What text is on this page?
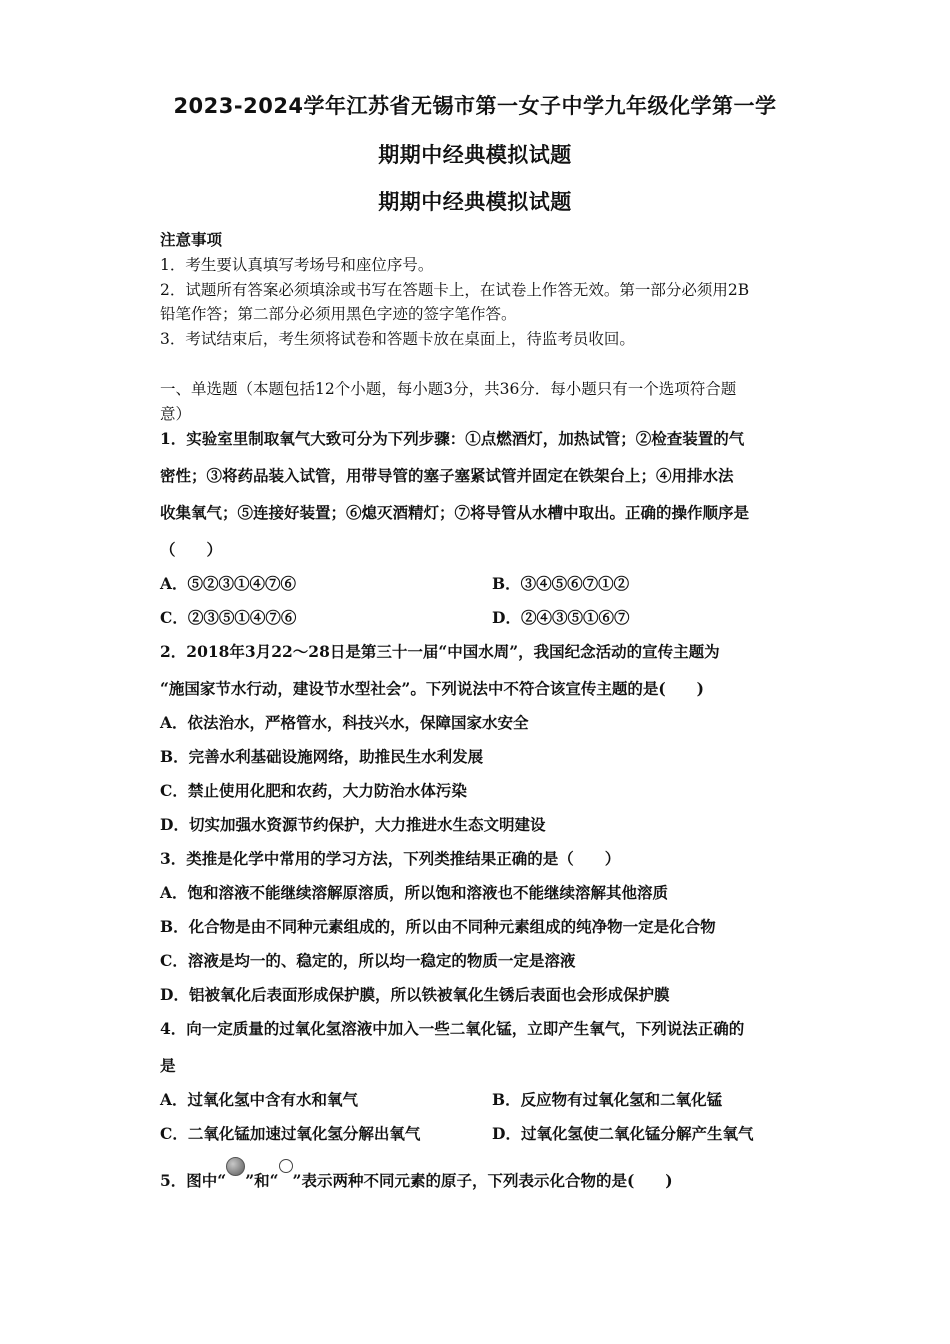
2023-2024学年江苏省无锡市第一女子中学九年级化学第一学
期期中经典模拟试题
期期中经典模拟试题
注意事项
1．考生要认真填写考场号和座位序号。
2．试题所有答案必须填涂或书写在答题卡上，在试卷上作答无效。第一部分必须用2B
铅笔作答；第二部分必须用黑色字迹的签字笔作答。
3．考试结束后，考生须将试卷和答题卡放在桌面上，待监考员收回。
一、单选题（本题包括12个小题，每小题3分，共36分．每小题只有一个选项符合题
意）
1．实验室里制取氧气大致可分为下列步骤：①点燃酒灯，加热试管；②检查装置的气
密性；③将药品装入试管，用带导管的塞子塞紧试管并固定在铁架台上；④用排水法
收集氧气；⑤连接好装置；⑥熄灭酒精灯；⑦将导管从水槽中取出。正确的操作顺序是
（　　）
A．⑤②③①④⑦⑥	B．③④⑤⑥⑦①②
C．②③⑤①④⑦⑥	D．②④③⑤①⑥⑦
2．2018年3月22～28日是第三十一届“中国水周”，我国纪念活动的宣传主题为
“施国家节水行动，建设节水型社会”。下列说法中不符合该宣传主题的是(　　)
A．依法治水，严格管水，科技兴水，保障国家水安全
B．完善水利基础设施网络，助推民生水利发展
C．禁止使用化肥和农药，大力防治水体污染
D．切实加强水资源节约保护，大力推进水生态文明建设
3．类推是化学中常用的学习方法，下列类推结果正确的是（　　）
A．饱和溶液不能继续溶解原溶质，所以饱和溶液也不能继续溶解其他溶质
B．化合物是由不同种元素组成的，所以由不同种元素组成的纯净物一定是化合物
C．溶液是均一的、稳定的，所以均一稳定的物质一定是溶液
D．铝被氧化后表面形成保护膜，所以铁被氧化生锈后表面也会形成保护膜
4．向一定质量的过氧化氢溶液中加入一些二氧化锰，立即产生氧气，下列说法正确的
是
A．过氧化氢中含有水和氧气	B．反应物有过氧化氢和二氧化锰
C．二氧化锰加速过氧化氢分解出氧气	D．过氧化氢使二氧化锰分解产生氧气
5．图中“ ”和“ ”表示两种不同元素的原子，下列表示化合物的是(　　)
